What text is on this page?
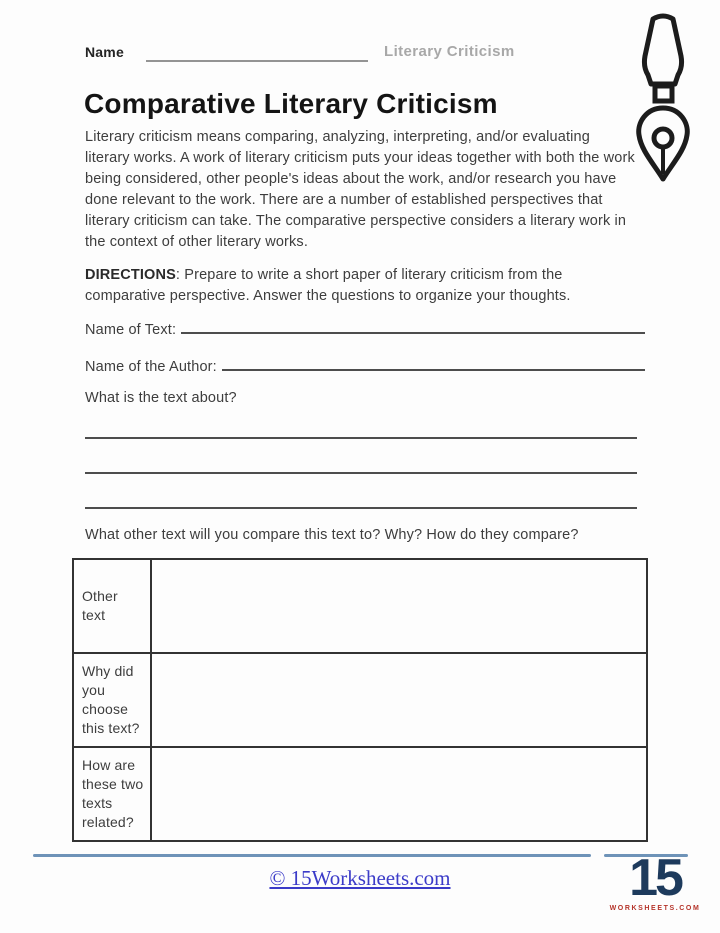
Name	Literary Criticism
Comparative Literary Criticism

Literary criticism means comparing, analyzing, interpreting, and/or evaluating literary works. A work of literary criticism puts your ideas together with both the work being considered, other people's ideas about the work, and/or research you have done relevant to the work. There are a number of established perspectives that literary criticism can take. The comparative perspective considers a literary work in the context of other literary works.

DIRECTIONS: Prepare to write a short paper of literary criticism from the comparative perspective. Answer the questions to organize your thoughts.

Name of Text:
Name of the Author:
What is the text about?
What other text will you compare this text to? Why? How do they compare?
Other text	
Why did you choose this text?	
How are these two texts related?	
© 15Worksheets.com	15
WORKSHEETS.COM
